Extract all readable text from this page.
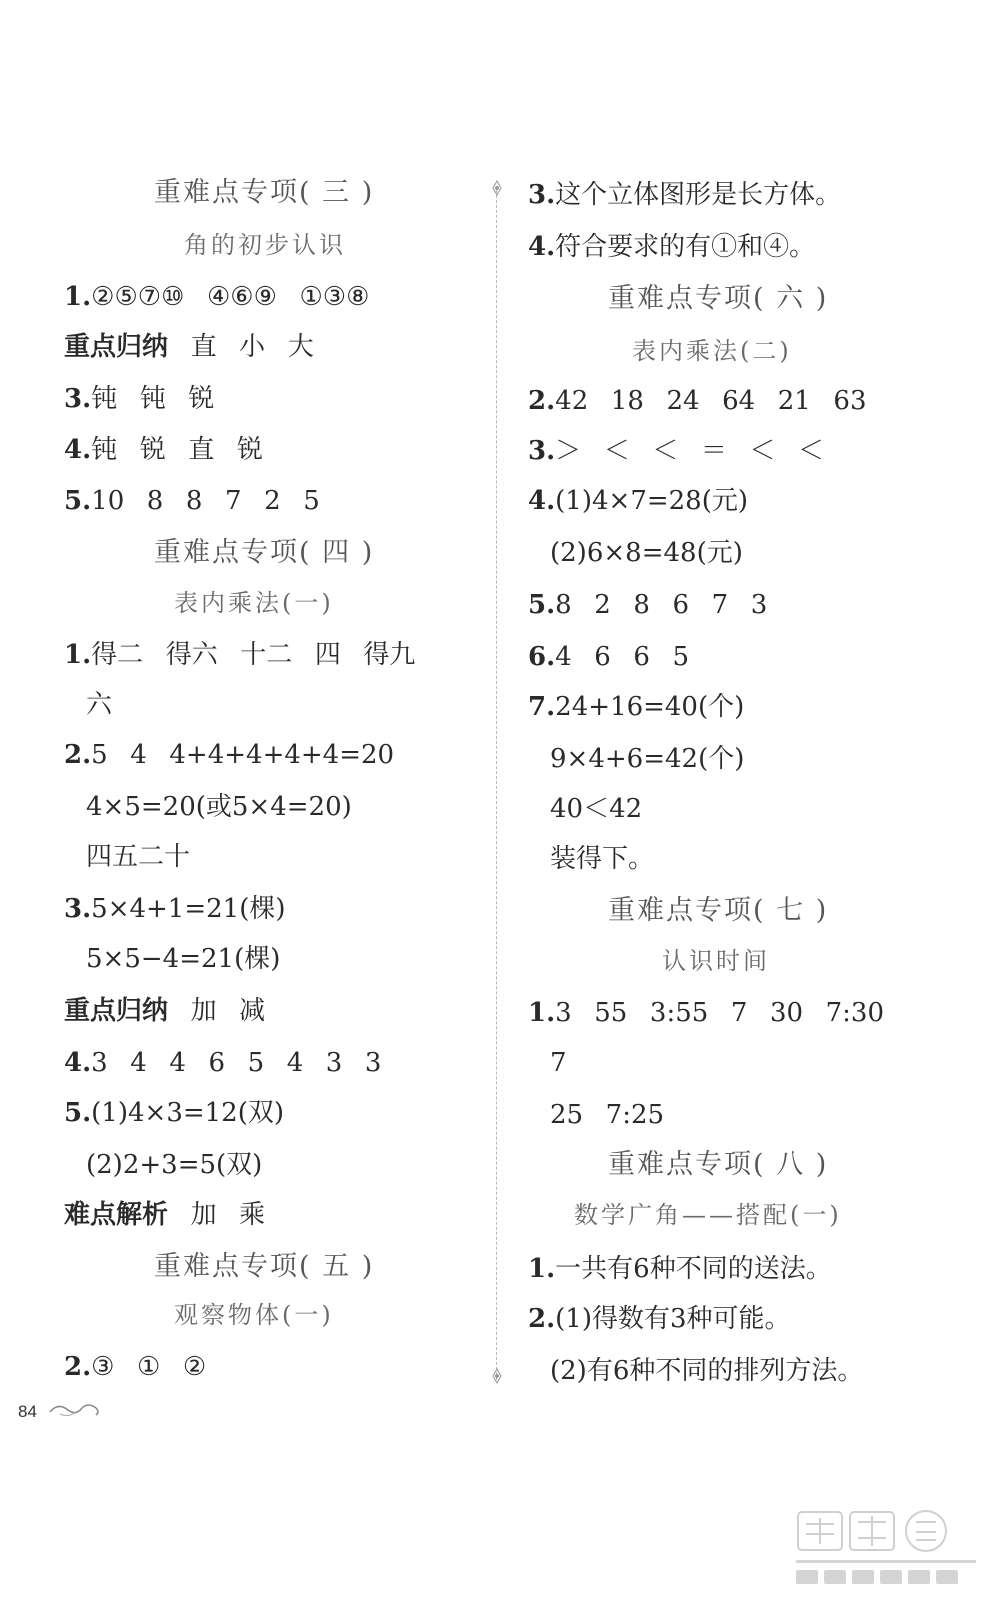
重难点专项( 三 )
角的初步认识
1.②⑤⑦⑩ ④⑥⑨ ①③⑧
重点归纳 直 小 大
3.钝 钝 锐
4.钝 锐 直 锐
5.10 8 8 7 2 5
重难点专项( 四 )
表内乘法(一)
1.得二 得六 十二 四 得九
六
2.5 4 4+4+4+4+4=20
4×5=20(或5×4=20)
四五二十
3.5×4+1=21(棵)
5×5−4=21(棵)
重点归纳 加 减
4.3 4 4 6 5 4 3 3
5.(1)4×3=12(双)
(2)2+3=5(双)
难点解析 加 乘
重难点专项( 五 )
观察物体(一)
2.③ ① ②
3.这个立体图形是长方体。
4.符合要求的有①和④。
重难点专项( 六 )
表内乘法(二)
2.42 18 24 64 21 63
3.＞ ＜ ＜ ＝ ＜ ＜
4.(1)4×7=28(元)
(2)6×8=48(元)
5.8 2 8 6 7 3
6.4 6 6 5
7.24+16=40(个)
9×4+6=42(个)
40＜42
装得下。
重难点专项( 七 )
认识时间
1.3 55 3:55 7 30 7:30
7
25 7:25
重难点专项( 八 )
数学广角——搭配(一)
1.一共有6种不同的送法。
2.(1)得数有3种可能。
(2)有6种不同的排列方法。
84
